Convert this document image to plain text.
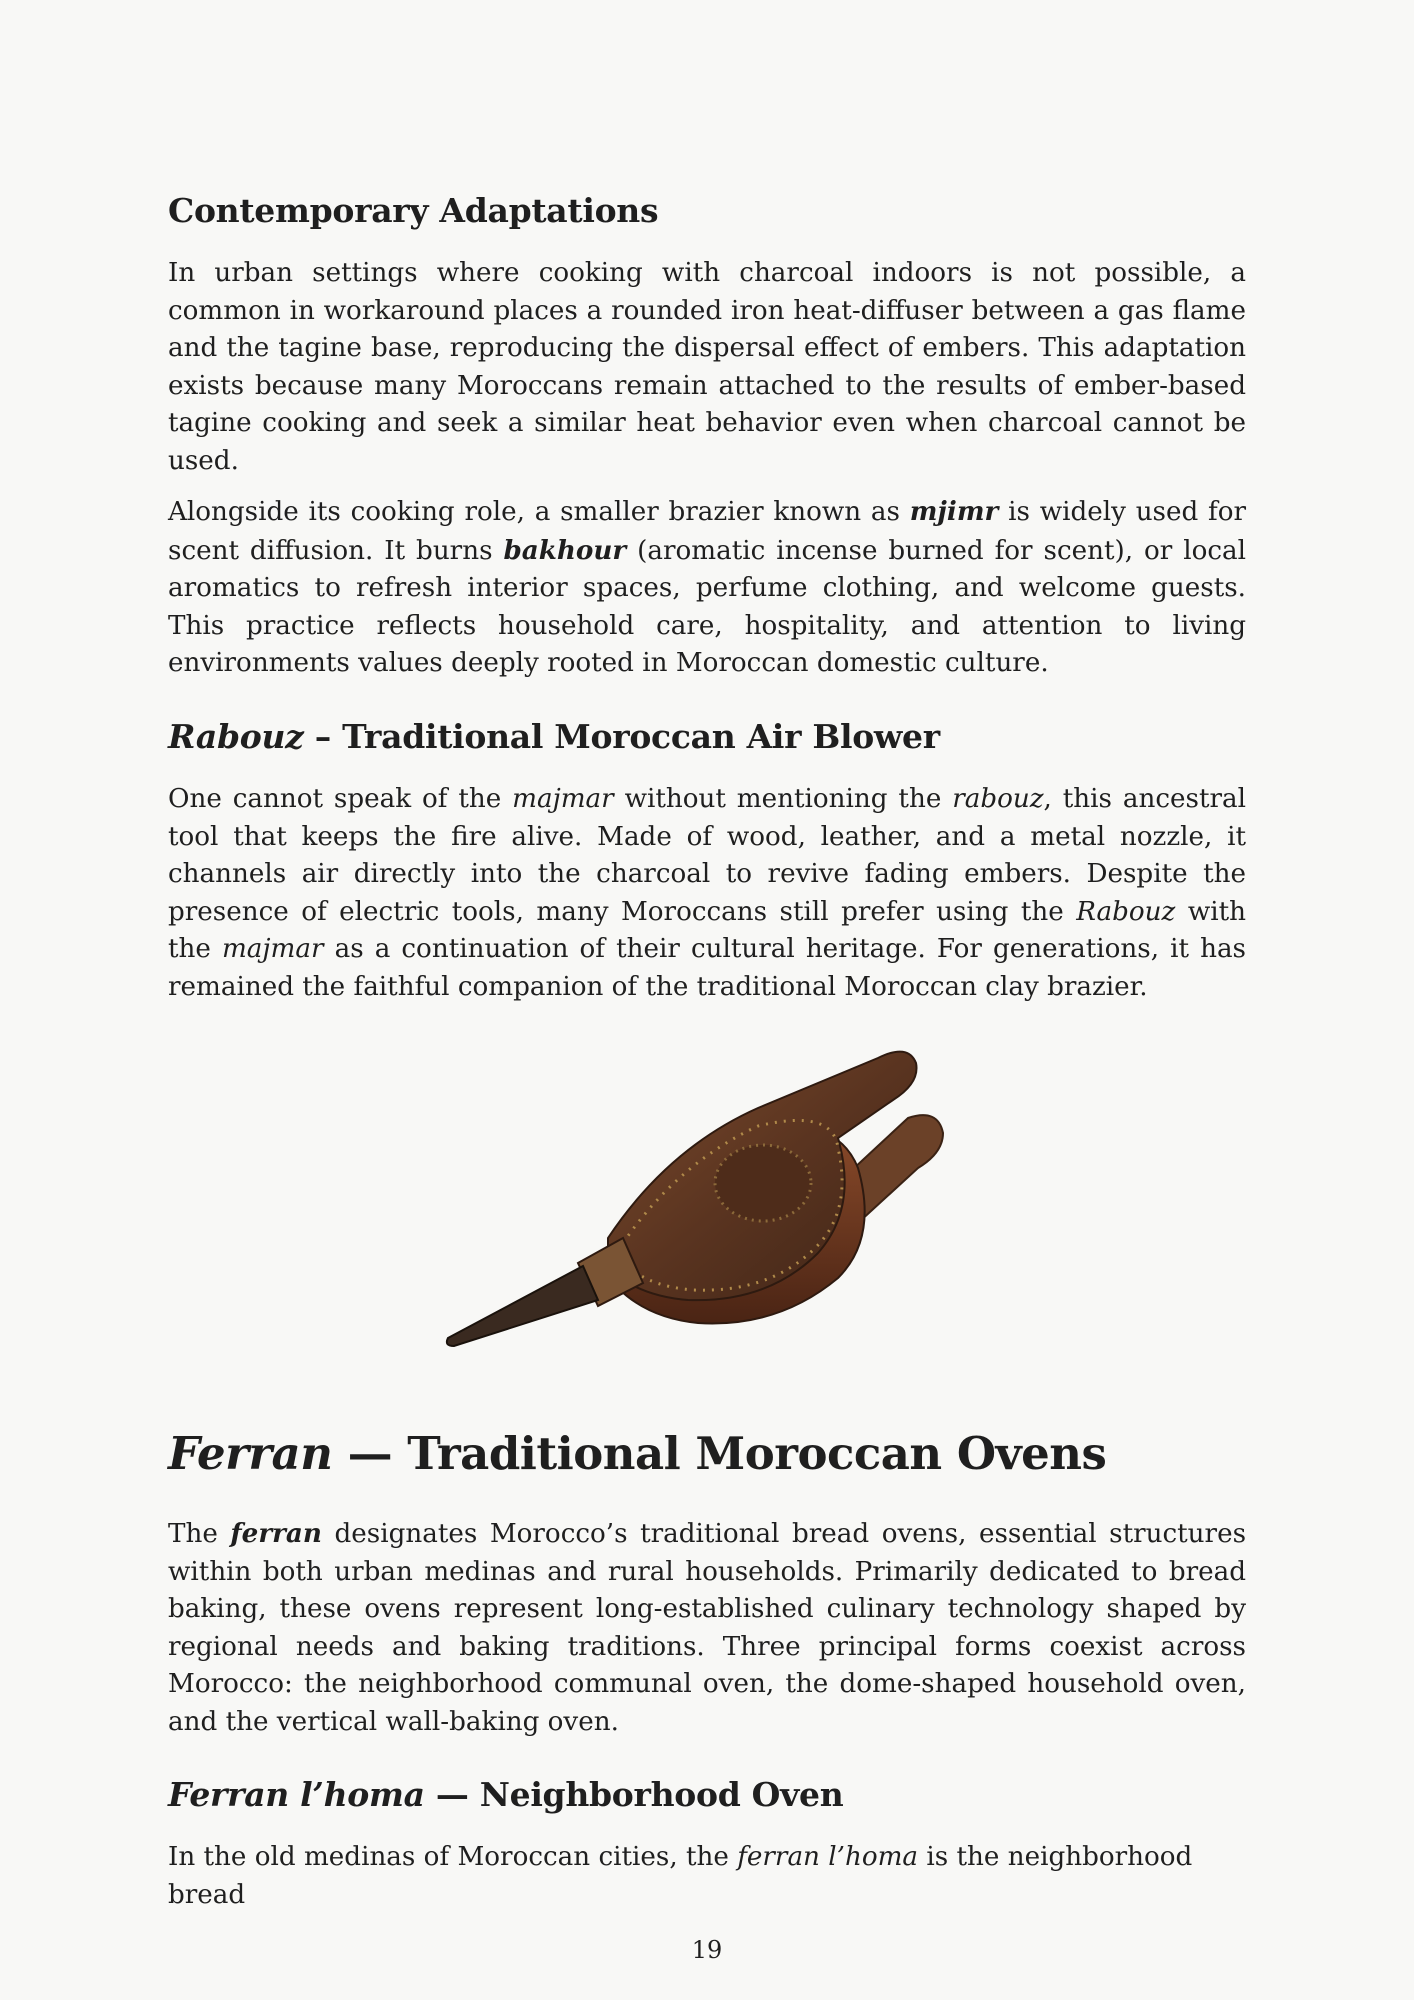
Contemporary Adaptations

In urban settings where cooking with charcoal indoors is not possible, a common in workaround places a rounded iron heat-diffuser between a gas flame and the tagine base, reproducing the dispersal effect of embers. This adaptation exists because many Moroccans remain attached to the results of ember-based tagine cooking and seek a similar heat behavior even when charcoal cannot be used.

Alongside its cooking role, a smaller brazier known as mjimr is widely used for scent diffusion. It burns bakhour (aromatic incense burned for scent), or local aromatics to refresh interior spaces, perfume clothing, and welcome guests. This practice reflects household care, hospitality, and attention to living environments values deeply rooted in Moroccan domestic culture.

Rabouz – Traditional Moroccan Air Blower

One cannot speak of the majmar without mentioning the rabouz, this ancestral tool that keeps the fire alive. Made of wood, leather, and a metal nozzle, it channels air directly into the charcoal to revive fading embers. Despite the presence of electric tools, many Moroccans still prefer using the Rabouz with the majmar as a continuation of their cultural heritage. For generations, it has remained the faithful companion of the traditional Moroccan clay brazier.

Ferran — Traditional Moroccan Ovens

The ferran designates Morocco’s traditional bread ovens, essential structures within both urban medinas and rural households. Primarily dedicated to bread baking, these ovens represent long-established culinary technology shaped by regional needs and baking traditions. Three principal forms coexist across Morocco: the neighborhood communal oven, the dome-shaped household oven, and the vertical wall-baking oven.

Ferran l’homa — Neighborhood Oven

In the old medinas of Moroccan cities, the ferran l’homa is the neighborhood bread

19
